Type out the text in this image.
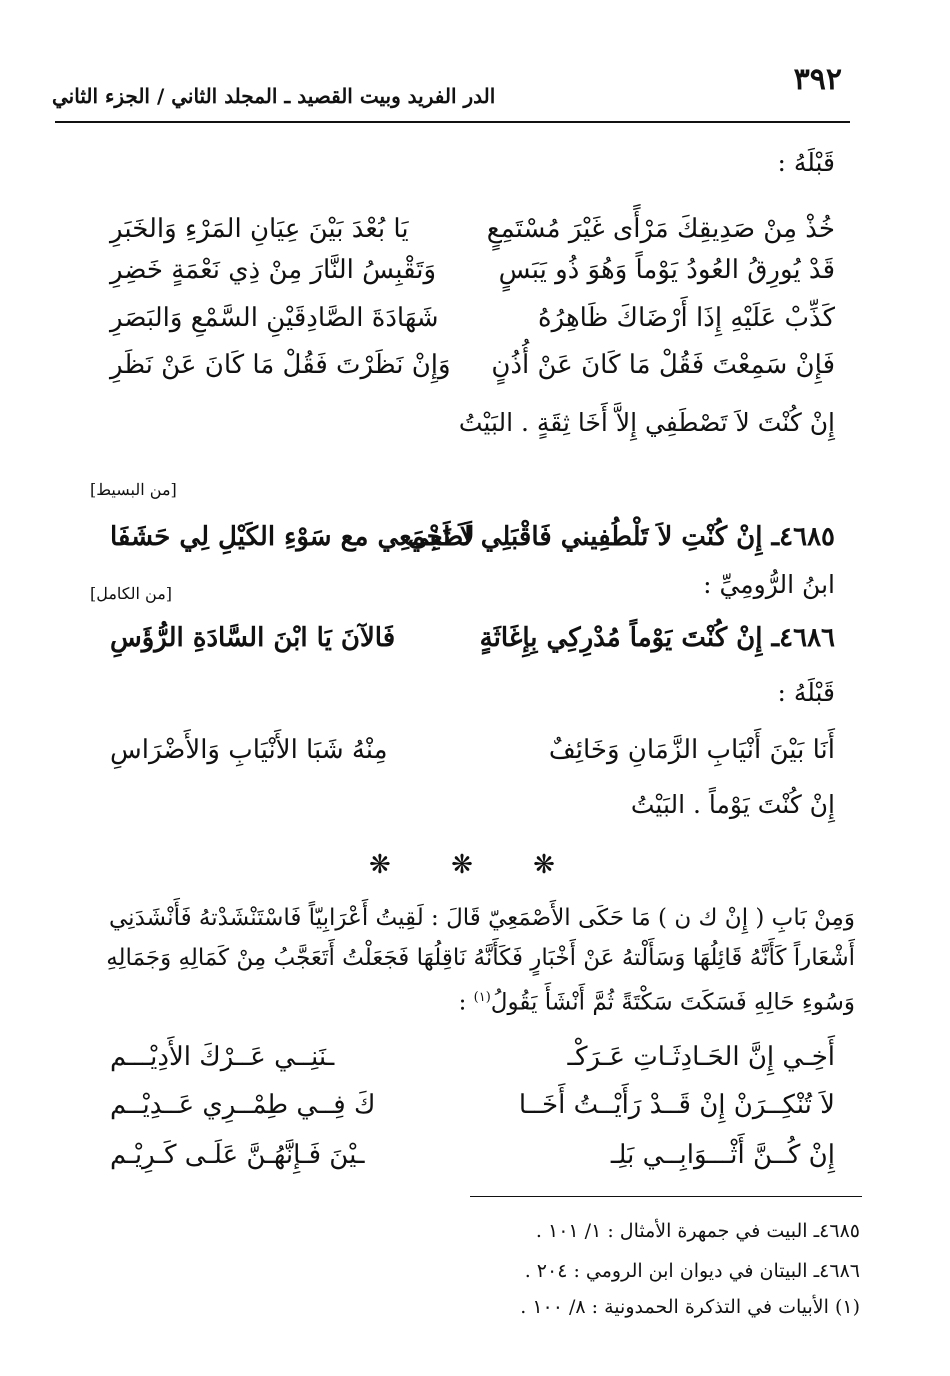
٣٩٢
الدر الفريد وبيت القصيد ـ المجلد الثاني / الجزء الثاني
قَبْلَهُ :
خُذْ مِنْ صَدِيقِكَ مَرْأًى غَيْرَ مُسْتَمِعٍ
يَا بُعْدَ بَيْنَ عِيَانِ المَرْءِ وَالخَبَرِ
قَدْ يُورِقُ العُودُ يَوْماً وَهُوَ ذُو يَبَسٍ
وَتَقْبِسُ النَّارَ مِنْ ذِي نَعْمَةٍ خَضِرِ
كَذِّبْ عَلَيْهِ إِذَا أَرْضَاكَ ظَاهِرُهُ
شَهَادَةَ الصَّادِقَيْنِ السَّمْعِ وَالبَصَرِ
فَإِنْ سَمِعْتَ فَقُلْ مَا كَانَ عَنْ أُذُنٍ
وَإِنْ نَظَرْتَ فَقُلْ مَا كَانَ عَنْ نَظَرِ
إِنْ كُنْتَ لاَ تَصْطَفِي إِلاَّ أَخَا ثِقَةٍ . البَيْتُ
[من البسيط]
٤٦٨٥ـ إِنْ كُنْتِ لاَ تَلْطُفِيني فَاقْبَلِي لَطَفِي
لاَ تَجْمَعِي مع سَوْءِ الكَيْلِ لِي حَشَفَا
ابنُ الرُّومِيِّ :
[من الكامل]
٤٦٨٦ـ إِنْ كُنْتَ يَوْماً مُدْرِكِي بِإِغَاثَةٍ
فَالآنَ يَا ابْنَ السَّادَةِ الرُّؤَسِ
قَبْلَهُ :
أَنَا بَيْنَ أَنْيَابِ الزَّمَانِ وَخَائِفٌ
مِنْهُ شَبَا الأَنْيَابِ وَالأَضْرَاسِ
إِنْ كُنْتَ يَوْماً . البَيْتُ
❋ ❋ ❋
وَمِنْ بَابِ ( إِنْ ك ن ) مَا حَكَى الأَصْمَعِيّ قَالَ : لَقِيتُ أَعْرَابِيّاً فَاسْتَنْشَدْتهُ فَأَنْشَدَنِي
أَشْعَاراً كَأَنَّهُ قَائِلُهَا وَسَأَلْتهُ عَنْ أَخْبَارٍ فَكَأَنَّهُ نَاقِلُهَا فَجَعَلْتُ أَتَعَجَّبُ مِنْ كَمَالِهِ وَجَمَالِهِ
وَسُوءِ حَالِهِ فَسَكَتَ سَكْتَةً ثُمَّ أَنْشَأَ يَقُولُ$^{(١)}$ :
أَخِـي إِنَّ الحَـادِثَـاتِ عَـرَكْـ
ـنَنِــي عَــرْكَ الأَدِيْـــم
لاَ تُنْكِــرَنْ إِنْ قَــدْ رَأَيْــتُ أَخَــا
كَ فِــي طِمْــرِي عَــدِيْــم
إِنْ كُــنَّ أَثْـــوَابِــي بَلِـ
ـيْنَ فَـإِنَّهُـنَّ عَلَـى كَـرِيْـم
٤٦٨٥ـ البيت في جمهرة الأمثال : ١/ ١٠١ .
٤٦٨٦ـ البيتان في ديوان ابن الرومي : ٢٠٤ .
(١) الأبيات في التذكرة الحمدونية : ٨/ ١٠٠ .
